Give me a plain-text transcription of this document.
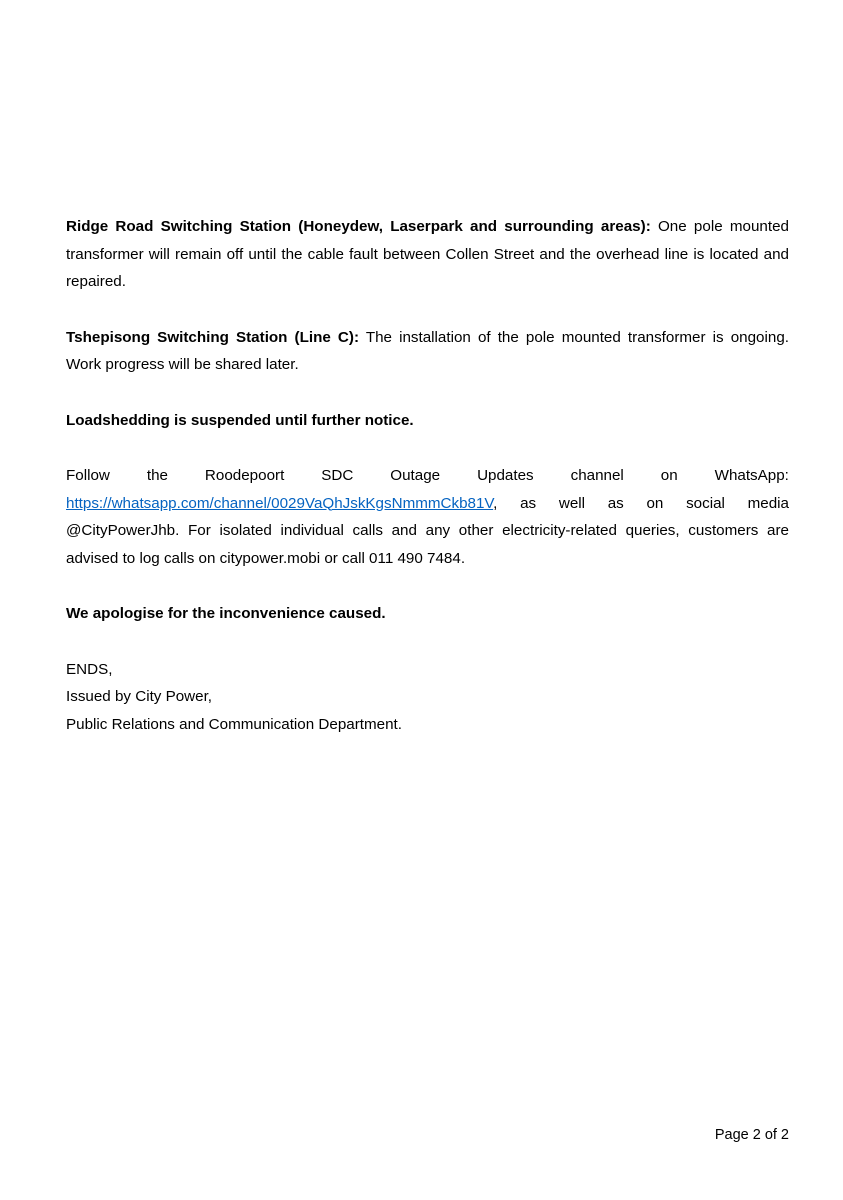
Ridge Road Switching Station (Honeydew, Laserpark and surrounding areas): One pole mounted transformer will remain off until the cable fault between Collen Street and the overhead line is located and repaired.

Tshepisong Switching Station (Line C): The installation of the pole mounted transformer is ongoing. Work progress will be shared later.

Loadshedding is suspended until further notice.

Follow the Roodepoort SDC Outage Updates channel on WhatsApp:
https://whatsapp.com/channel/0029VaQhJskKgsNmmmCkb81V, as well as on social media @CityPowerJhb. For isolated individual calls and any other electricity-related queries, customers are advised to log calls on citypower.mobi or call 011 490 7484.

We apologise for the inconvenience caused.

ENDS,
Issued by City Power,
Public Relations and Communication Department.

Page 2 of 2
